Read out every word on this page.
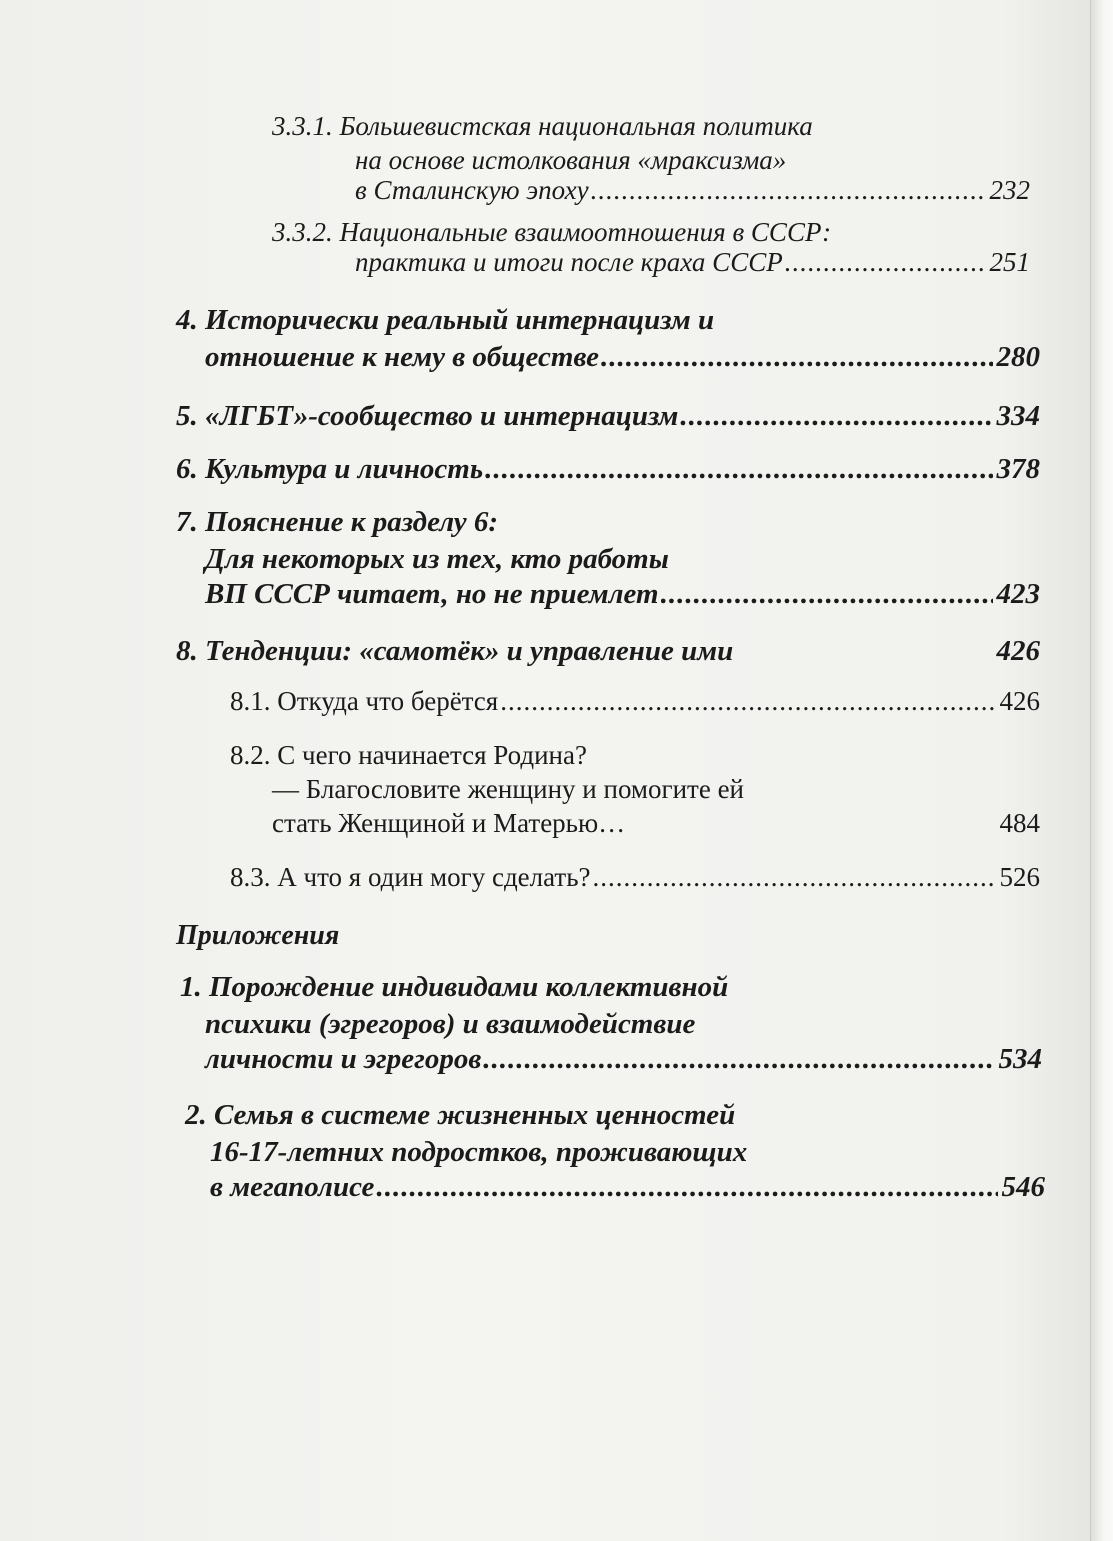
3.3.1. Большевистская национальная политика
на основе истолкования «мраксизма»
в Сталинскую эпоху .....	232
3.3.2. Национальные взаимоотношения в СССР:
практика и итоги после краха СССР .....	251
4. Исторически реальный интернацизм и
отношение к нему в обществе .....	280
5. «ЛГБТ»-сообщество и интернацизм .....	334
6. Культура и личность .....	378
7. Пояснение к разделу 6:
Для некоторых из тех, кто работы
ВП СССР читает, но не приемлет .....	423
8. Тенденции: «самотёк» и управление ими	426
8.1. Откуда что берётся .....	426
8.2. С чего начинается Родина?
— Благословите женщину и помогите ей
стать Женщиной и Матерью…	484
8.3. А что я один могу сделать? .....	526
Приложения
1. Порождение индивидами коллективной
психики (эгрегоров) и взаимодействие
личности и эгрегоров .....	534
2. Семья в системе жизненных ценностей
16-17-летних подростков, проживающих
в мегаполисе .....	546
